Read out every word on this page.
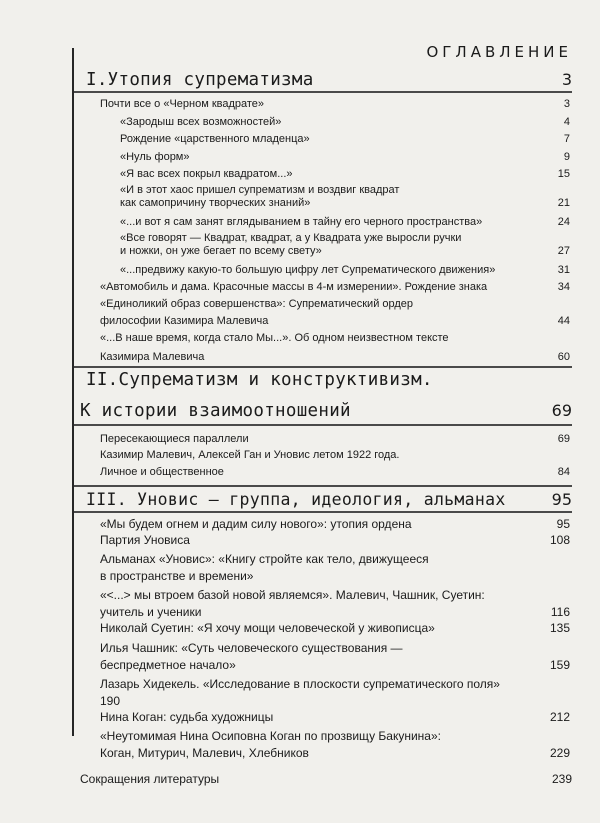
ОГЛАВЛЕНИЕ
I.Утопия супрематизма	3
Почти все о «Черном квадрате»	3
«Зародыш всех возможностей»	4
Рождение «царственного младенца»	7
«Нуль форм»	9
«Я вас всех покрыл квадратом...»	15
«И в этот хаос пришел супрематизм и воздвиг квадрат
как самопричину творческих знаний»	21
«...и вот я сам занят вглядыванием в тайну его черного пространства»	24
«Все говорят — Квадрат, квадрат, а у Квадрата уже выросли ручки
и ножки, он уже бегает по всему свету»	27
«...предвижу какую-то большую цифру лет Супрематического движения»	31
«Автомобиль и дама. Красочные массы в 4-м измерении». Рождение знака	34
«Единоликий образ совершенства»: Супрематический ордер
философии Казимира Малевича	44
«...В наше время, когда стало Мы...». Об одном неизвестном тексте
Казимира Малевича	60
II.Супрематизм и конструктивизм.
К истории взаимоотношений	69
Пересекающиеся параллели	69
Казимир Малевич, Алексей Ган и Уновис летом 1922 года.
Личное и общественное	84
III. Уновис — группа, идеология, альманах	95
«Мы будем огнем и дадим силу нового»: утопия ордена	95
Партия Уновиса	108
Альманах «Уновис»: «Книгу стройте как тело, движущееся
в пространстве и времени»
«<...> мы втроем базой новой являемся». Малевич, Чашник, Суетин:
учитель и ученики	116
Николай Суетин: «Я хочу мощи человеческой у живописца»	135
Илья Чашник: «Суть человеческого существования —
беспредметное начало»	159
Лазарь Хидекель. «Исследование в плоскости супрематического поля»
190
Нина Коган: судьба художницы	212
«Неутомимая Нина Осиповна Коган по прозвищу Бакунина»:
Коган, Митурич, Малевич, Хлебников	229
Сокращения литературы	239
